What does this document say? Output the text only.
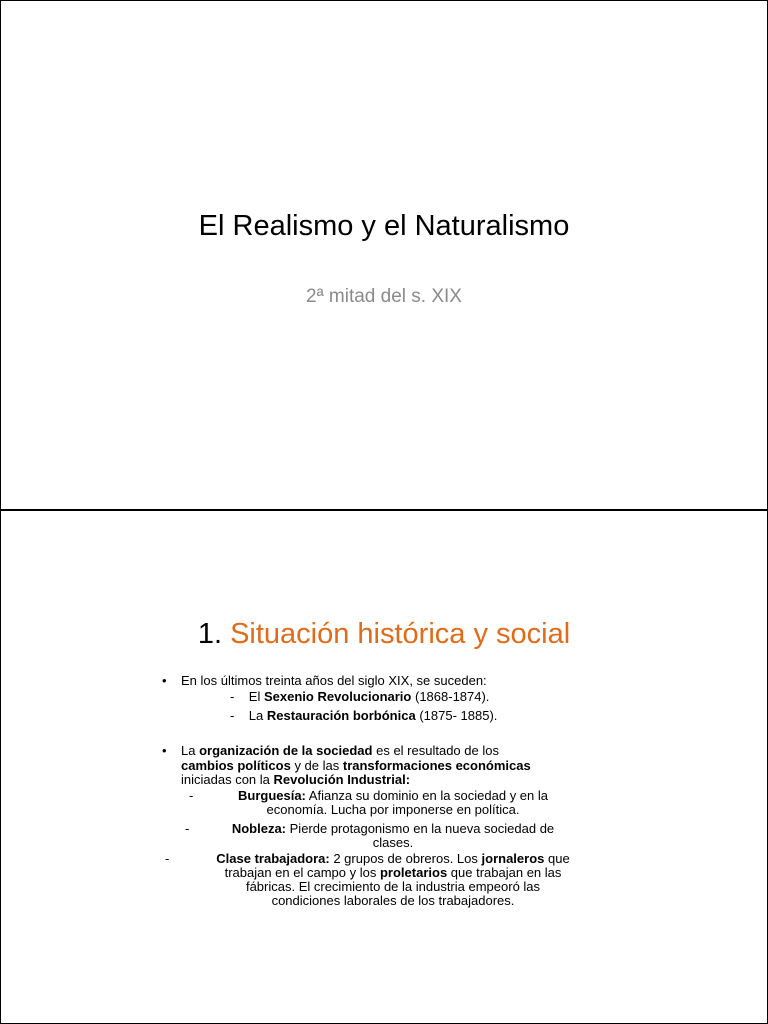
El Realismo y el Naturalismo
2ª mitad del s. XIX
1. Situación histórica y social
• En los últimos treinta años del siglo XIX, se suceden:
- El Sexenio Revolucionario (1868-1874).
- La Restauración borbónica (1875- 1885).
• La organización de la sociedad es el resultado de los
cambios políticos y de las transformaciones económicas
iniciadas con la Revolución Industrial:
-	Burguesía: Afianza su dominio en la sociedad y en la
economía. Lucha por imponerse en política.
-	Nobleza: Pierde protagonismo en la nueva sociedad de
clases.
-	Clase trabajadora: 2 grupos de obreros. Los jornaleros que
trabajan en el campo y los proletarios que trabajan en las
fábricas. El crecimiento de la industria empeoró las
condiciones laborales de los trabajadores.
